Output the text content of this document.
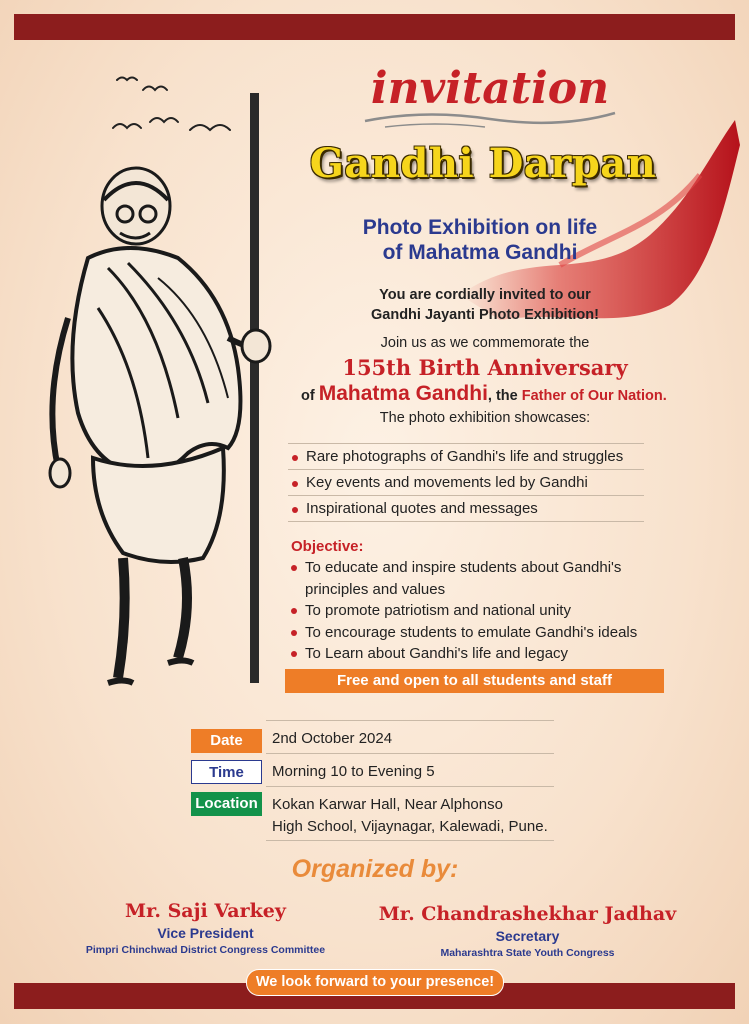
invitation
Gandhi Darpan
Photo Exhibition on life
of Mahatma Gandhi
You are cordially invited to our
Gandhi Jayanti Photo Exhibition!
Join us as we commemorate the
155th Birth Anniversary
of Mahatma Gandhi, the Father of Our Nation.
The photo exhibition showcases:
Rare photographs of Gandhi's life and struggles
Key events and movements led by Gandhi
Inspirational quotes and messages
Objective:
To educate and inspire students about Gandhi's principles and values
To promote patriotism and national unity
To encourage students to emulate Gandhi's ideals
To Learn about Gandhi's life and legacy
Free and open to all students and staff
Date	2nd October 2024
Time	Morning 10 to Evening 5
Location Kokan Karwar Hall, Near Alphonso
High School, Vijaynagar, Kalewadi, Pune.
Organized by:
Mr. Saji Varkey
Vice President
Pimpri Chinchwad District Congress Committee
Mr. Chandrashekhar Jadhav
Secretary
Maharashtra State Youth Congress
We look forward to your presence!
